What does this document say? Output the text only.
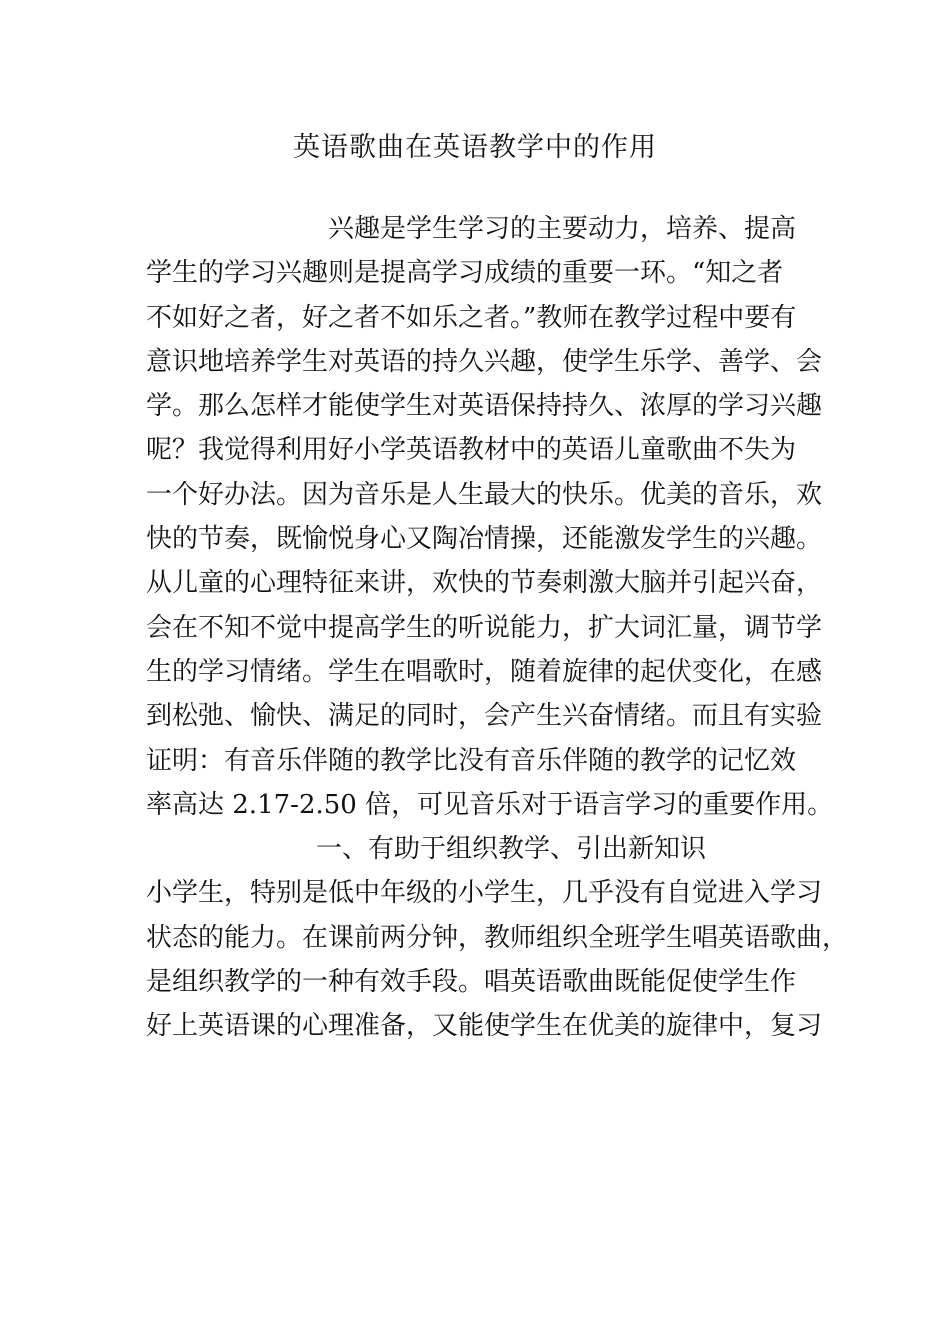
英语歌曲在英语教学中的作用
兴趣是学生学习的主要动力，培养、提高
学生的学习兴趣则是提高学习成绩的重要一环。“知之者
不如好之者，好之者不如乐之者。”教师在教学过程中要有
意识地培养学生对英语的持久兴趣，使学生乐学、善学、会
学。那么怎样才能使学生对英语保持持久、浓厚的学习兴趣
呢？我觉得利用好小学英语教材中的英语儿童歌曲不失为
一个好办法。因为音乐是人生最大的快乐。优美的音乐，欢
快的节奏，既愉悦身心又陶冶情操，还能激发学生的兴趣。
从儿童的心理特征来讲，欢快的节奏刺激大脑并引起兴奋，
会在不知不觉中提高学生的听说能力，扩大词汇量，调节学
生的学习情绪。学生在唱歌时，随着旋律的起伏变化，在感
到松弛、愉快、满足的同时，会产生兴奋情绪。而且有实验
证明：有音乐伴随的教学比没有音乐伴随的教学的记忆效
率高达 2.17-2.50 倍，可见音乐对于语言学习的重要作用。
一、有助于组织教学、引出新知识
小学生，特别是低中年级的小学生，几乎没有自觉进入学习
状态的能力。在课前两分钟，教师组织全班学生唱英语歌曲，
是组织教学的一种有效手段。唱英语歌曲既能促使学生作
好上英语课的心理准备，又能使学生在优美的旋律中，复习
